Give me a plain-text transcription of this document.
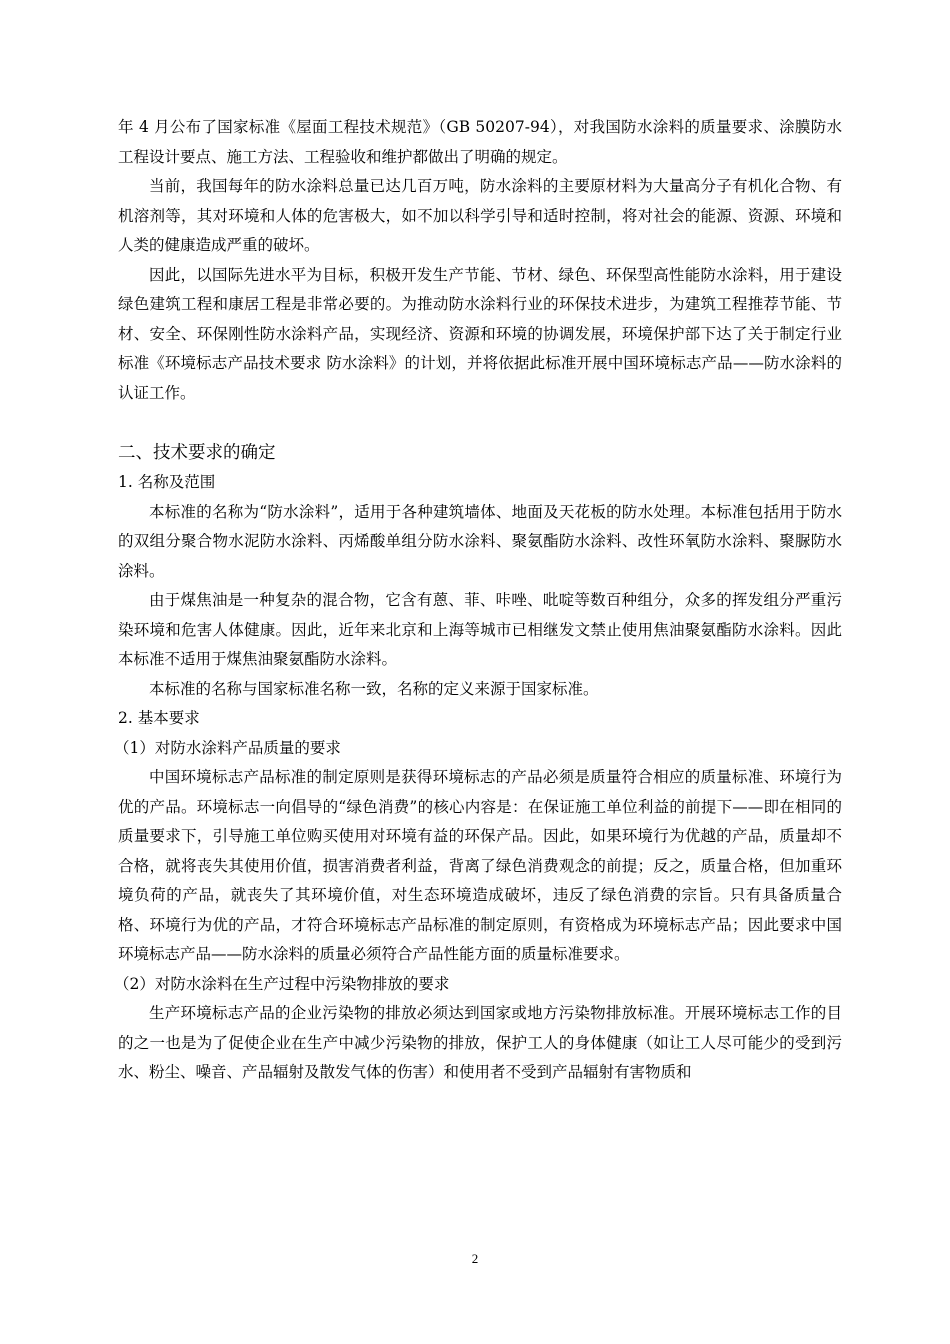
年 4 月公布了国家标准《屋面工程技术规范》（GB 50207-94），对我国防水涂料的质量要求、涂膜防水工程设计要点、施工方法、工程验收和维护都做出了明确的规定。

当前，我国每年的防水涂料总量已达几百万吨，防水涂料的主要原材料为大量高分子有机化合物、有机溶剂等，其对环境和人体的危害极大，如不加以科学引导和适时控制，将对社会的能源、资源、环境和人类的健康造成严重的破坏。

因此，以国际先进水平为目标，积极开发生产节能、节材、绿色、环保型高性能防水涂料，用于建设绿色建筑工程和康居工程是非常必要的。为推动防水涂料行业的环保技术进步，为建筑工程推荐节能、节材、安全、环保刚性防水涂料产品，实现经济、资源和环境的协调发展，环境保护部下达了关于制定行业标准《环境标志产品技术要求 防水涂料》的计划，并将依据此标准开展中国环境标志产品——防水涂料的认证工作。

二、技术要求的确定

1. 名称及范围

本标准的名称为“防水涂料”，适用于各种建筑墙体、地面及天花板的防水处理。本标准包括用于防水的双组分聚合物水泥防水涂料、丙烯酸单组分防水涂料、聚氨酯防水涂料、改性环氧防水涂料、聚脲防水涂料。

由于煤焦油是一种复杂的混合物，它含有蒽、菲、咔唑、吡啶等数百种组分，众多的挥发组分严重污染环境和危害人体健康。因此，近年来北京和上海等城市已相继发文禁止使用焦油聚氨酯防水涂料。因此本标准不适用于煤焦油聚氨酯防水涂料。

本标准的名称与国家标准名称一致，名称的定义来源于国家标准。

2. 基本要求

（1）对防水涂料产品质量的要求

中国环境标志产品标准的制定原则是获得环境标志的产品必须是质量符合相应的质量标准、环境行为优的产品。环境标志一向倡导的“绿色消费”的核心内容是：在保证施工单位利益的前提下——即在相同的质量要求下，引导施工单位购买使用对环境有益的环保产品。因此，如果环境行为优越的产品，质量却不合格，就将丧失其使用价值，损害消费者利益，背离了绿色消费观念的前提；反之，质量合格，但加重环境负荷的产品，就丧失了其环境价值，对生态环境造成破坏，违反了绿色消费的宗旨。只有具备质量合格、环境行为优的产品，才符合环境标志产品标准的制定原则，有资格成为环境标志产品；因此要求中国环境标志产品——防水涂料的质量必须符合产品性能方面的质量标准要求。

（2）对防水涂料在生产过程中污染物排放的要求

生产环境标志产品的企业污染物的排放必须达到国家或地方污染物排放标准。开展环境标志工作的目的之一也是为了促使企业在生产中减少污染物的排放，保护工人的身体健康（如让工人尽可能少的受到污水、粉尘、噪音、产品辐射及散发气体的伤害）和使用者不受到产品辐射有害物质和

2
